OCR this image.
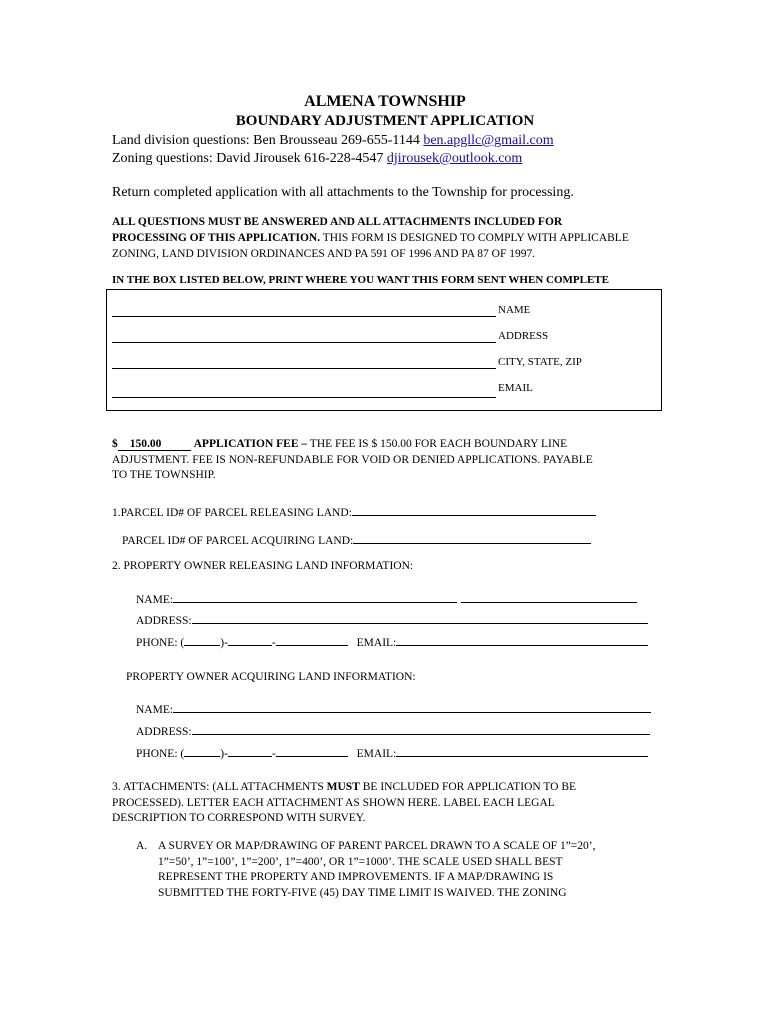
ALMENA TOWNSHIP
BOUNDARY ADJUSTMENT APPLICATION
Land division questions: Ben Brousseau 269-655-1144 ben.apgllc@gmail.com
Zoning questions: David Jirousek 616-228-4547 djirousek@outlook.com
Return completed application with all attachments to the Township for processing.
ALL QUESTIONS MUST BE ANSWERED AND ALL ATTACHMENTS INCLUDED FOR PROCESSING OF THIS APPLICATION. THIS FORM IS DESIGNED TO COMPLY WITH APPLICABLE ZONING, LAND DIVISION ORDINANCES AND PA 591 OF 1996 AND PA 87 OF 1997.
IN THE BOX LISTED BELOW, PRINT WHERE YOU WANT THIS FORM SENT WHEN COMPLETE
NAME
ADDRESS
CITY, STATE, ZIP
EMAIL
$ 150.00	APPLICATION FEE – THE FEE IS $ 150.00 FOR EACH BOUNDARY LINE
ADJUSTMENT. FEE IS NON-REFUNDABLE FOR VOID OR DENIED APPLICATIONS. PAYABLE
TO THE TOWNSHIP.
1.PARCEL ID# OF PARCEL RELEASING LAND:
PARCEL ID# OF PARCEL ACQUIRING LAND:
2. PROPERTY OWNER RELEASING LAND INFORMATION:
NAME:
ADDRESS:
PHONE: (	)-	-	EMAIL:
PROPERTY OWNER ACQUIRING LAND INFORMATION:
NAME:
ADDRESS:
PHONE: (	)-	-	EMAIL:
3. ATTACHMENTS: (ALL ATTACHMENTS MUST BE INCLUDED FOR APPLICATION TO BE
PROCESSED). LETTER EACH ATTACHMENT AS SHOWN HERE. LABEL EACH LEGAL
DESCRIPTION TO CORRESPOND WITH SURVEY.
A. A SURVEY OR MAP/DRAWING OF PARENT PARCEL DRAWN TO A SCALE OF 1”=20’,
1”=50’, 1”=100’, 1”=200’, 1”=400’, OR 1”=1000’. THE SCALE USED SHALL BEST
REPRESENT THE PROPERTY AND IMPROVEMENTS. IF A MAP/DRAWING IS
SUBMITTED THE FORTY-FIVE (45) DAY TIME LIMIT IS WAIVED. THE ZONING
